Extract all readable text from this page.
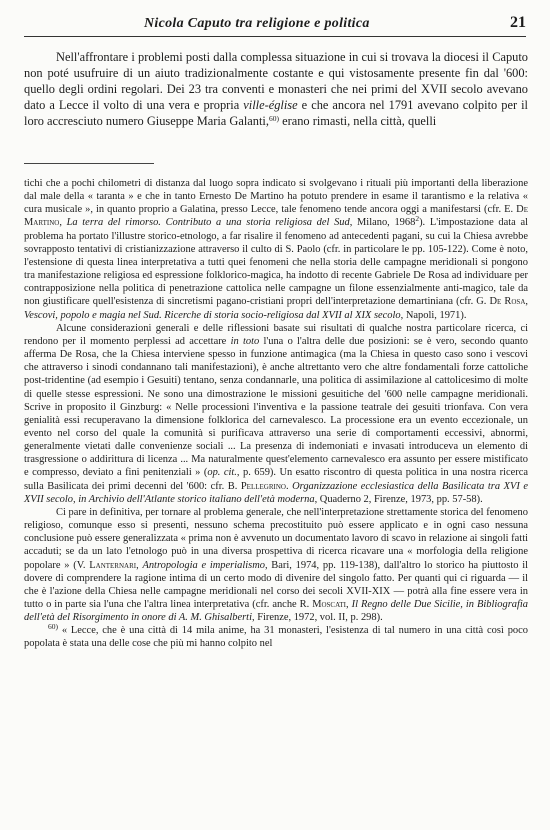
Nicola Caputo tra religione e politica	21

Nell'affrontare i problemi posti dalla complessa situazione in cui si trovava la diocesi il Caputo non poté usufruire di un aiuto tradizionalmente costante e qui vistosamente presente fin dal '600: quello degli ordini regolari. Dei 23 tra conventi e monasteri che nei primi del XVII secolo avevano dato a Lecce il volto di una vera e propria ville-église e che ancora nel 1791 avevano colpito per il loro accresciuto numero Giuseppe Maria Galanti,$^{60)}$ erano rimasti, nella città, quelli

tichi che a pochi chilometri di distanza dal luogo sopra indicato si svolgevano i rituali più importanti della liberazione dal male della « taranta » e che in tanto Ernesto De Martino ha potuto prendere in esame il tarantismo e la relativa « cura musicale », in quanto proprio a Galatina, presso Lecce, tale fenomeno tende ancora oggi a manifestarsi (cfr. E. De Martino, La terra del rimorso. Contributo a una storia religiosa del Sud, Milano, 1968$^2$). L'impostazione data al problema ha portato l'illustre storico-etnologo, a far risalire il fenomeno ad antecedenti pagani, su cui la Chiesa avrebbe sovrapposto tentativi di cristianizzazione attraverso il culto di S. Paolo (cfr. in particolare le pp. 105-122). Come è noto, l'estensione di questa linea interpretativa a tutti quei fenomeni che nella storia delle campagne meridionali si pongono tra manifestazione religiosa ed espressione folklorico-magica, ha indotto di recente Gabriele De Rosa ad individuare per contrapposizione nella politica di penetrazione cattolica nelle campagne un filone essenzialmente anti-magico, tale da non giustificare quell'esistenza di sincretismi pagano-cristiani propri dell'interpretazione demartiniana (cfr. G. De Rosa, Vescovi, popolo e magia nel Sud. Ricerche di storia socio-religiosa dal XVII al XIX secolo, Napoli, 1971).

Alcune considerazioni generali e delle riflessioni basate sui risultati di qualche nostra particolare ricerca, ci rendono per il momento perplessi ad accettare in toto l'una o l'altra delle due posizioni: se è vero, secondo quanto afferma De Rosa, che la Chiesa interviene spesso in funzione antimagica (ma la Chiesa in questo caso sono i vescovi che attraverso i sinodi condannano tali manifestazioni), è anche altrettanto vero che altre fondamentali forze cattoliche post-tridentine (ad esempio i Gesuiti) tentano, senza condannarle, una politica di assimilazione al cattolicesimo di molte di quelle stesse espressioni. Ne sono una dimostrazione le missioni gesuitiche del '600 nelle campagne meridionali. Scrive in proposito il Ginzburg: « Nelle processioni l'inventiva e la passione teatrale dei gesuiti trionfava. Con vera genialità essi recuperavano la dimensione folklorica del carnevalesco. La processione era un evento eccezionale, un evento nel corso del quale la comunità si purificava attraverso una serie di comportamenti eccessivi, abnormi, generalmente vietati dalle convenienze sociali ... La presenza di indemoniati e invasati introduceva un elemento di trasgressione o addirittura di licenza ... Ma naturalmente quest'elemento carnevalesco era assunto per essere mistificato e compresso, deviato a fini penitenziali » (op. cit., p. 659). Un esatto riscontro di questa politica in una nostra ricerca sulla Basilicata dei primi decenni del '600: cfr. B. Pellegrino. Organizzazione ecclesiastica della Basilicata tra XVI e XVII secolo, in Archivio dell'Atlante storico italiano dell'età moderna, Quaderno 2, Firenze, 1973, pp. 57-58).

Ci pare in definitiva, per tornare al problema generale, che nell'interpretazione strettamente storica del fenomeno religioso, comunque esso si presenti, nessuno schema precostituito può essere applicato e in ogni caso nessuna conclusione può essere generalizzata « prima non è avvenuto un documentato lavoro di scavo in relazione ai singoli fatti accaduti; se da un lato l'etnologo può in una diversa prospettiva di ricerca ricavare una « morfologia della religione popolare » (V. Lanternari, Antropologia e imperialismo, Bari, 1974, pp. 119-138), dall'altro lo storico ha piuttosto il dovere di comprendere la ragione intima di un certo modo di divenire del singolo fatto. Per quanti qui ci riguarda — il che è l'azione della Chiesa nelle campagne meridionali nel corso dei secoli XVII-XIX — potrà alla fine essere vera in tutto o in parte sia l'una che l'altra linea interpretativa (cfr. anche R. Moscati, Il Regno delle Due Sicilie, in Bibliografia dell'età del Risorgimento in onore di A. M. Ghisalberti, Firenze, 1972, vol. II, p. 298).

$^{60)}$ « Lecce, che è una città di 14 mila anime, ha 31 monasteri, l'esistenza di tal numero in una città così poco popolata è stata una delle cose che più mi hanno colpito nel
